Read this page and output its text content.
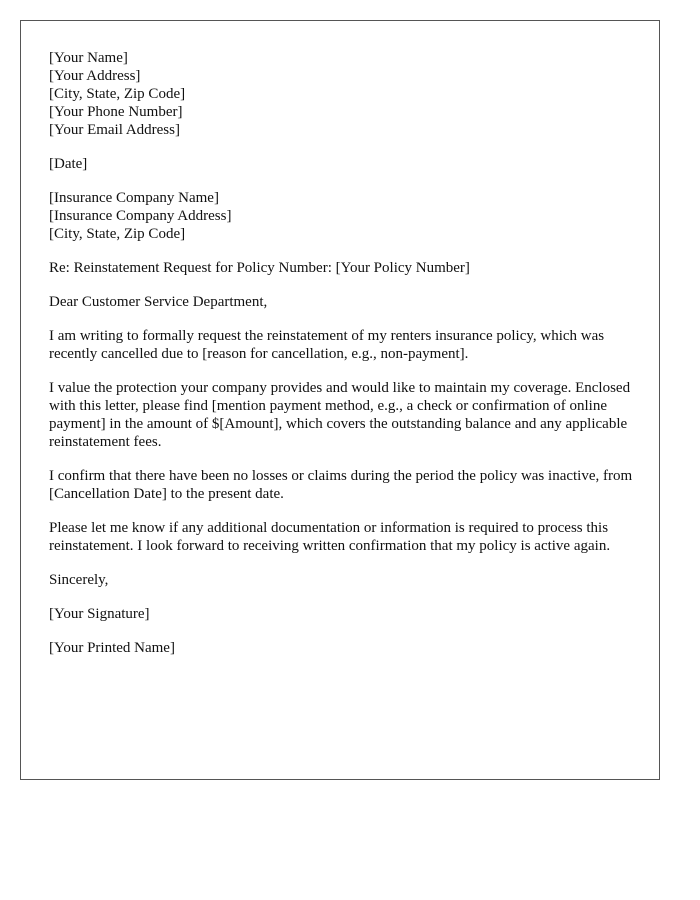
[Your Name]
[Your Address]
[City, State, Zip Code]
[Your Phone Number]
[Your Email Address]
[Date]
[Insurance Company Name]
[Insurance Company Address]
[City, State, Zip Code]
Re: Reinstatement Request for Policy Number: [Your Policy Number]
Dear Customer Service Department,

I am writing to formally request the reinstatement of my renters insurance policy, which was recently cancelled due to [reason for cancellation, e.g., non-payment].

I value the protection your company provides and would like to maintain my coverage. Enclosed with this letter, please find [mention payment method, e.g., a check or confirmation of online payment] in the amount of $[Amount], which covers the outstanding balance and any applicable reinstatement fees.

I confirm that there have been no losses or claims during the period the policy was inactive, from [Cancellation Date] to the present date.

Please let me know if any additional documentation or information is required to process this reinstatement. I look forward to receiving written confirmation that my policy is active again.

Sincerely,
[Your Signature]
[Your Printed Name]
